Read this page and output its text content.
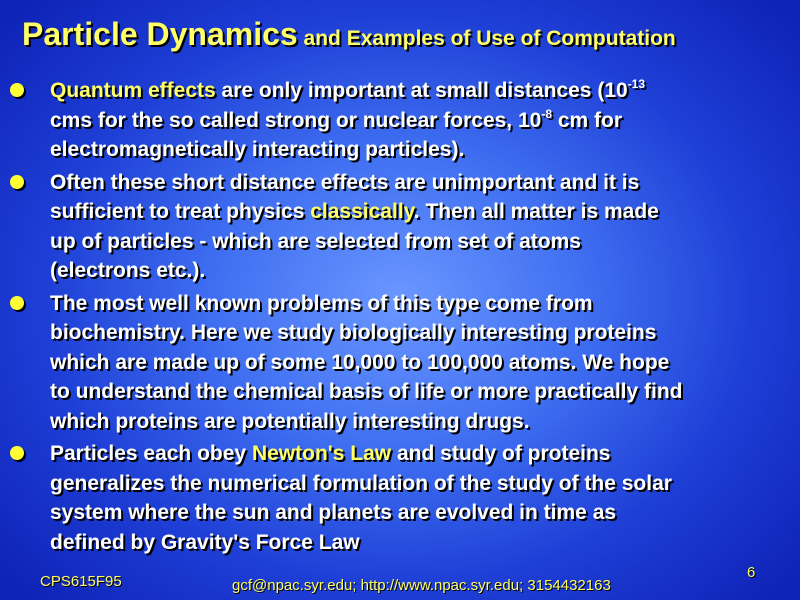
Particle Dynamics and Examples of Use of Computation
Quantum effects are only important at small distances ($10^{-13}$
cms for the so called strong or nuclear forces, $10^{-8}$ cm for
electromagnetically interacting particles).
Often these short distance effects are unimportant and it is
sufficient to treat physics classically. Then all matter is made
up of particles - which are selected from set of atoms
(electrons etc.).
The most well known problems of this type come from
biochemistry. Here we study biologically interesting proteins
which are made up of some 10,000 to 100,000 atoms. We hope
to understand the chemical basis of life or more practically find
which proteins are potentially interesting drugs.
Particles each obey Newton's Law and study of proteins
generalizes the numerical formulation of the study of the solar
system where the sun and planets are evolved in time as
defined by Gravity's Force Law
CPS615F95	gcf@npac.syr.edu; http://www.npac.syr.edu; 3154432163
6
